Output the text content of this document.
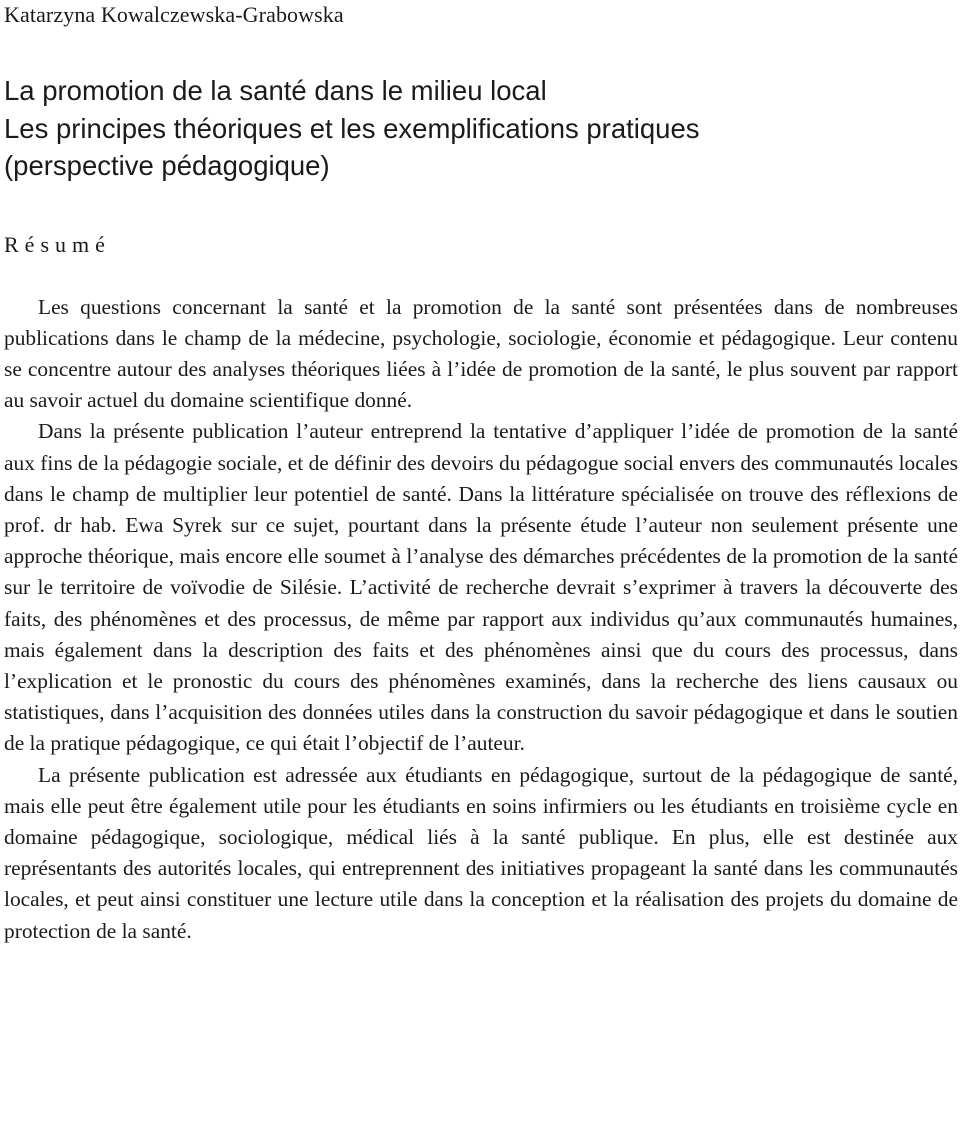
Katarzyna Kowalczewska-Grabowska
La promotion de la santé dans le milieu local
Les principes théoriques et les exemplifications pratiques
(perspective pédagogique)
Résumé

Les questions concernant la santé et la promotion de la santé sont présentées dans de nombreuses publications dans le champ de la médecine, psychologie, sociologie, économie et pédagogique. Leur contenu se concentre autour des analyses théoriques liées à l’idée de promotion de la santé, le plus souvent par rapport au savoir actuel du domaine scientifique donné.

Dans la présente publication l’auteur entreprend la tentative d’appliquer l’idée de promotion de la santé aux fins de la pédagogie sociale, et de définir des devoirs du pédagogue social envers des communautés locales dans le champ de multiplier leur potentiel de santé. Dans la littérature spécialisée on trouve des réflexions de prof. dr hab. Ewa Syrek sur ce sujet, pourtant dans la présente étude l’auteur non seulement présente une approche théorique, mais encore elle soumet à l’analyse des démarches précédentes de la promotion de la santé sur le territoire de voïvodie de Silésie. L’activité de recherche devrait s’exprimer à travers la découverte des faits, des phénomènes et des processus, de même par rapport aux individus qu’aux communautés humaines, mais également dans la description des faits et des phénomènes ainsi que du cours des processus, dans l’explication et le pronostic du cours des phénomènes examinés, dans la recherche des liens causaux ou statistiques, dans l’acquisition des données utiles dans la construction du savoir pédagogique et dans le soutien de la pratique pédagogique, ce qui était l’objectif de l’auteur.

La présente publication est adressée aux étudiants en pédagogique, surtout de la pédagogique de santé, mais elle peut être également utile pour les étudiants en soins infirmiers ou les étudiants en troisième cycle en domaine pédagogique, sociologique, médical liés à la santé publique. En plus, elle est destinée aux représentants des autorités locales, qui entreprennent des initiatives propageant la santé dans les communautés locales, et peut ainsi constituer une lecture utile dans la conception et la réalisation des projets du domaine de protection de la santé.
